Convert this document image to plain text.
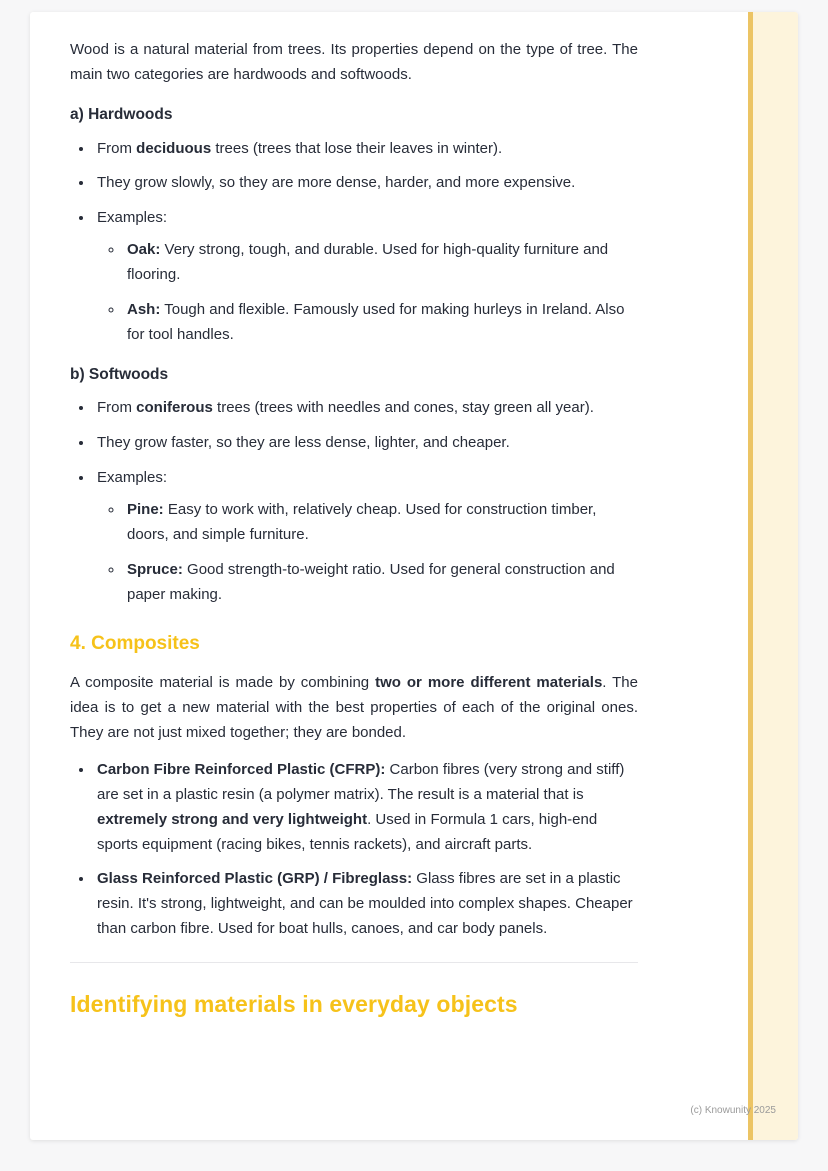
Wood is a natural material from trees. Its properties depend on the type of tree. The main two categories are hardwoods and softwoods.

a) Hardwoods
• From deciduous trees (trees that lose their leaves in winter).
• They grow slowly, so they are more dense, harder, and more expensive.
• Examples:
◦ Oak: Very strong, tough, and durable. Used for high-quality furniture and flooring.
◦ Ash: Tough and flexible. Famously used for making hurleys in Ireland. Also for tool handles.
b) Softwoods
• From coniferous trees (trees with needles and cones, stay green all year).
• They grow faster, so they are less dense, lighter, and cheaper.
• Examples:
◦ Pine: Easy to work with, relatively cheap. Used for construction timber, doors, and simple furniture.
◦ Spruce: Good strength-to-weight ratio. Used for general construction and paper making.
4. Composites

A composite material is made by combining two or more different materials. The idea is to get a new material with the best properties of each of the original ones. They are not just mixed together; they are bonded.

• Carbon Fibre Reinforced Plastic (CFRP): Carbon fibres (very strong and stiff) are set in a plastic resin (a polymer matrix). The result is a material that is extremely strong and very lightweight. Used in Formula 1 cars, high-end sports equipment (racing bikes, tennis rackets), and aircraft parts.
• Glass Reinforced Plastic (GRP) / Fibreglass: Glass fibres are set in a plastic resin. It's strong, lightweight, and can be moulded into complex shapes. Cheaper than carbon fibre. Used for boat hulls, canoes, and car body panels.
Identifying materials in everyday objects
(c) Knowunity 2025
